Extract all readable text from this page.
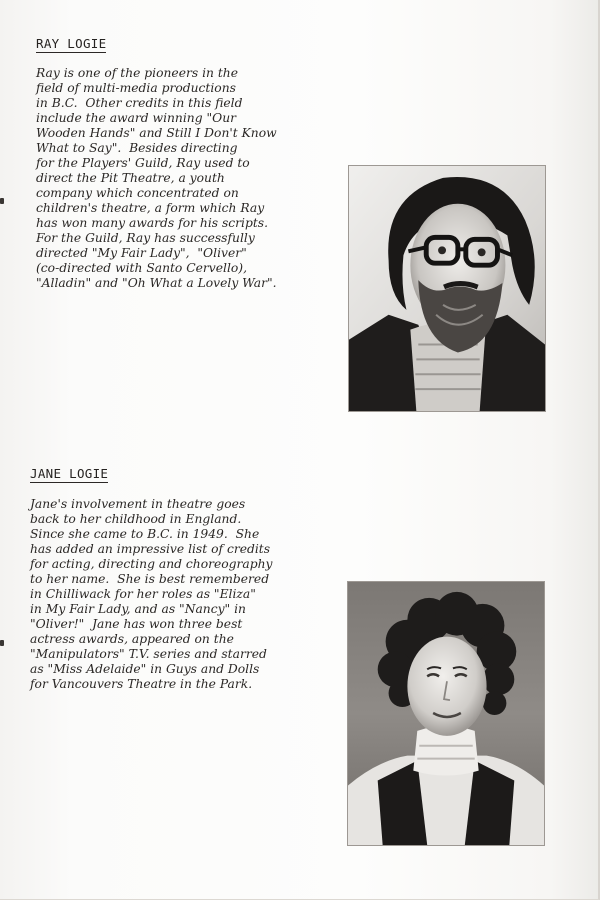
RAY LOGIE

Ray is one of the pioneers in the
field of multi-media productions
in B.C.  Other credits in this field
include the award winning "Our
Wooden Hands" and Still I Don't Know
What to Say".  Besides directing
for the Players' Guild, Ray used to
direct the Pit Theatre, a youth
company which concentrated on
children's theatre, a form which Ray
has won many awards for his scripts.
For the Guild, Ray has successfully
directed "My Fair Lady",  "Oliver"
(co-directed with Santo Cervello),
"Alladin" and "Oh What a Lovely War".

JANE LOGIE

Jane's involvement in theatre goes
back to her childhood in England.
Since she came to B.C. in 1949.  She
has added an impressive list of credits
for acting, directing and choreography
to her name.  She is best remembered
in Chilliwack for her roles as "Eliza"
in My Fair Lady, and as "Nancy" in
"Oliver!"  Jane has won three best
actress awards, appeared on the
"Manipulators" T.V. series and starred
as "Miss Adelaide" in Guys and Dolls
for Vancouvers Theatre in the Park.
